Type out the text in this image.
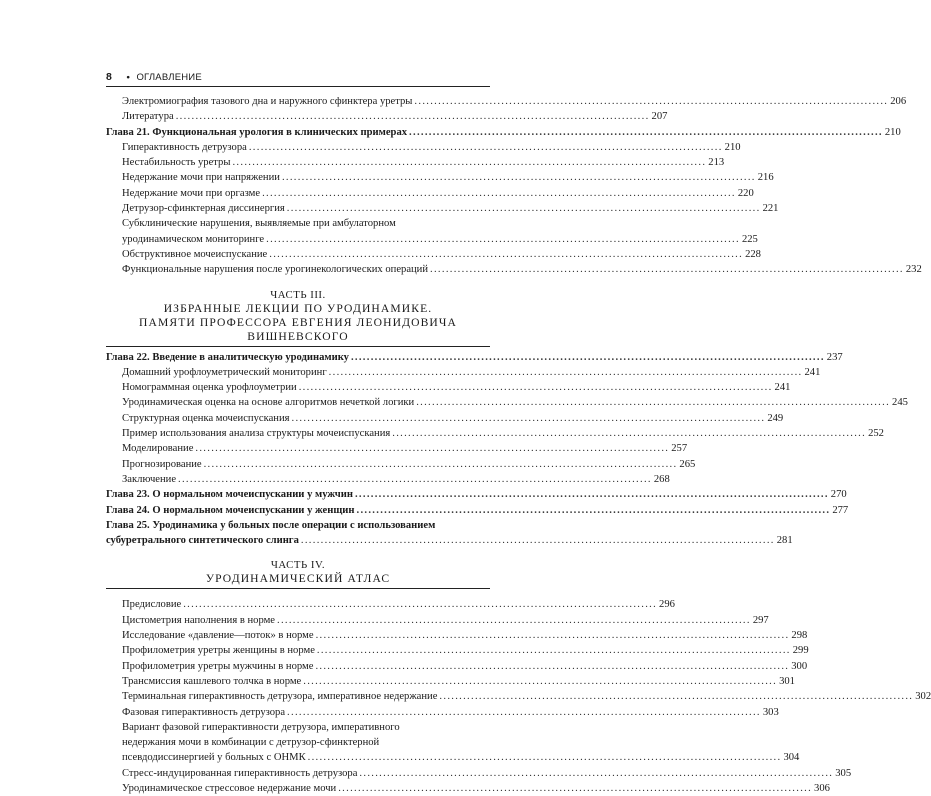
8 • ОГЛАВЛЕНИЕ
Электромиография тазового дна и наружного сфинктера уретры ........................................................................................................................ 206
Литература ........................................................................................................................ 207
Глава 21. Функциональная урология в клинических примерах ........................................................................................................................ 210
Гиперактивность детрузора ........................................................................................................................ 210
Нестабильность уретры ........................................................................................................................ 213
Недержание мочи при напряжении ........................................................................................................................ 216
Недержание мочи при оргазме ........................................................................................................................ 220
Детрузор-сфинктерная диссинергия ........................................................................................................................ 221
Субклинические нарушения, выявляемые при амбулаторном
уродинамическом мониторинге ........................................................................................................................ 225
Обструктивное мочеиспускание ........................................................................................................................ 228
Функциональные нарушения после урогинекологических операций ........................................................................................................................ 232
ЧАСТЬ III.
ИЗБРАННЫЕ ЛЕКЦИИ ПО УРОДИНАМИКЕ.
ПАМЯТИ ПРОФЕССОРА ЕВГЕНИЯ ЛЕОНИДОВИЧА ВИШНЕВСКОГО
Глава 22. Введение в аналитическую уродинамику ........................................................................................................................ 237
Домашний урофлоуметрический мониторинг ........................................................................................................................ 241
Номограммная оценка урофлоуметрии ........................................................................................................................ 241
Уродинамическая оценка на основе алгоритмов нечеткой логики ........................................................................................................................ 245
Структурная оценка мочеиспускания ........................................................................................................................ 249
Пример использования анализа структуры мочеиспускания ........................................................................................................................ 252
Моделирование ........................................................................................................................ 257
Прогнозирование ........................................................................................................................ 265
Заключение ........................................................................................................................ 268
Глава 23. О нормальном мочеиспускании у мужчин ........................................................................................................................ 270
Глава 24. О нормальном мочеиспускании у женщин ........................................................................................................................ 277
Глава 25. Уродинамика у больных после операции с использованием
субуретрального синтетического слинга ........................................................................................................................ 281
ЧАСТЬ IV.
УРОДИНАМИЧЕСКИЙ АТЛАС
Предисловие ........................................................................................................................ 296
Цистометрия наполнения в норме ........................................................................................................................ 297
Исследование «давление—поток» в норме ........................................................................................................................ 298
Профилометрия уретры женщины в норме ........................................................................................................................ 299
Профилометрия уретры мужчины в норме ........................................................................................................................ 300
Трансмиссия кашлевого толчка в норме ........................................................................................................................ 301
Терминальная гиперактивность детрузора, императивное недержание ........................................................................................................................ 302
Фазовая гиперактивность детрузора ........................................................................................................................ 303
Вариант фазовой гиперактивности детрузора, императивного
недержания мочи в комбинации с детрузор-сфинктерной
псевдодиссинергией у больных с ОНМК ........................................................................................................................ 304
Стресс-индуцированная гиперактивность детрузора ........................................................................................................................ 305
Уродинамическое стрессовое недержание мочи ........................................................................................................................ 306
